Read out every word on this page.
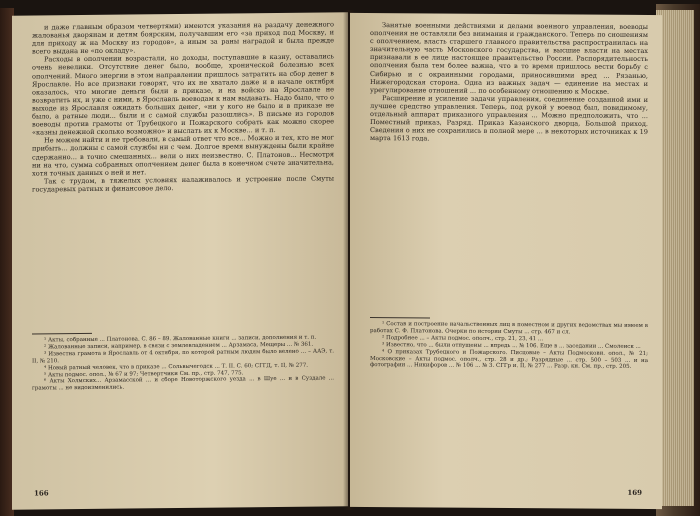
и даже главным образом четвертями) имеются указания на раздачу денежного жалованья дворянам и детям боярским, получавшим его «за приход под Москву, и для приходу ж на Москву из городов», а иным за раны наградой и была прежде всего выдана не «по окладу».

Расходы в ополчении возрастали, но доходы, поступавшие в казну, оставались очень невелики. Отсутствие денег было, вообще, хронической болезнью всех ополчений. Много энергии в этом направлении пришлось затратить на сбор денег в Ярославле. Но все признаки говорят, что их не хватало даже и в начале октября оказалось, что многие деньги были в приказе, и на войско на Ярославле не возвратить их, и уже с ними, в Ярославль воеводам к нам выдавать. Надо было, что о выходе из Ярославля ожидать больших денег, «ни у кого не было и в приказе не было, а ратные люди... были и с самой службы разошлись». В письме из городов воеводы против грамоты от Трубецкого и Пожарского собрать как можно скорее «казны денежной сколько возможно» и выслать их к Москве... и т. п.

Не можем найти и не требовали, в самый ответ что все... Можно и тех, кто не мог прибыть... должны с самой службы ни с чем. Долгое время вынуждены были крайне сдержанно... в точно смешанных... вели о них неизвестно. С. Платонов... Несмотря ни на что, сумма собранных ополчением денег была в конечном счете значительна, хотя точных данных о ней и нет.

Так с трудом, в тяжелых условиях налаживалось и устроение после Смуты государевых ратных и финансовое дело.

¹ Акты, собранные ... Платонова. С. 86 – 89. Жалованные книги ... записи, дополнения и т. п.

² Жалованные записи, например, в связи с землевладением ... Арзамаса, Мещеры ... № 361.

³ Известна грамота в Ярославль от 4 октября, по которой ратным людям было велено ... – ААЭ, т. II, № 210.

⁴ Новый ратный человек, что в приказе ... Сольвычегодск ... Т. II. С. 60; СГГД, т. II, № 277.

⁵ Акты подмос. опол., № 67 и 97; Четвертчики См. пр., стр. 747, 775.

⁶ Акты Холмских... Арзамасской ... и сборе Новоторжского уезда ... в Шуе ... и в Суздале ... грамоты ... не видоизменились.

166

Занятые военными действиями и делами военного управления, воеводы ополчения не оставляли без внимания и гражданского. Теперь по сношениям с ополчением, власть старшего главного правительства распространилась на значительную часть Московского государства, и высшие власти на местах признавали в ее лице настоящее правительство России. Распорядительность ополчения была тем более важна, что в то время пришлось вести борьбу с Сибирью и с окраинными городами, приносившими вред ... Рязанью, Нижегородская сторона. Одна из важных задач — единение на местах и урегулирование отношений ... по особенному отношению к Москве.

Расширение и усиление задачи управления, соединение созданной ими и лучшее средство управления. Теперь, под рукой у воевод был, повидимому, отдельный аппарат приказного управления ... Можно предположить, что ... Поместный приказ, Разряд. Приказ Казанского дворца, Большой приход. Сведения о них не сохранились в полной мере ... в некоторых источниках к 19 марта 1613 года.

¹ Состав и построение начальственных лиц в поместном и других ведомствах мы имеем в работах С. Ф. Платонова. Очерки по истории Смуты ... стр. 467 и сл.

² Подробнее ... – Акты подмос. ополч., стр. 21, 23, 41 ...

³ Известно, что ... были отпущены ... впредь ... № 106. Еще в ... заседании ... Смоленск ...

⁴ О приказах Трубецкого и Пожарского. Писцовые – Акты Подмосковн. опол., № 21; Московские – Акты подмос. ополч., стр. 28 и др.; Разрядные ... стр. 500 – 503 ... и на фотографии ... Никифоров ... № 106 ... № 3. СГГр и. II, № 277 ... Разр. кн. См. пр., стр. 205.

169
